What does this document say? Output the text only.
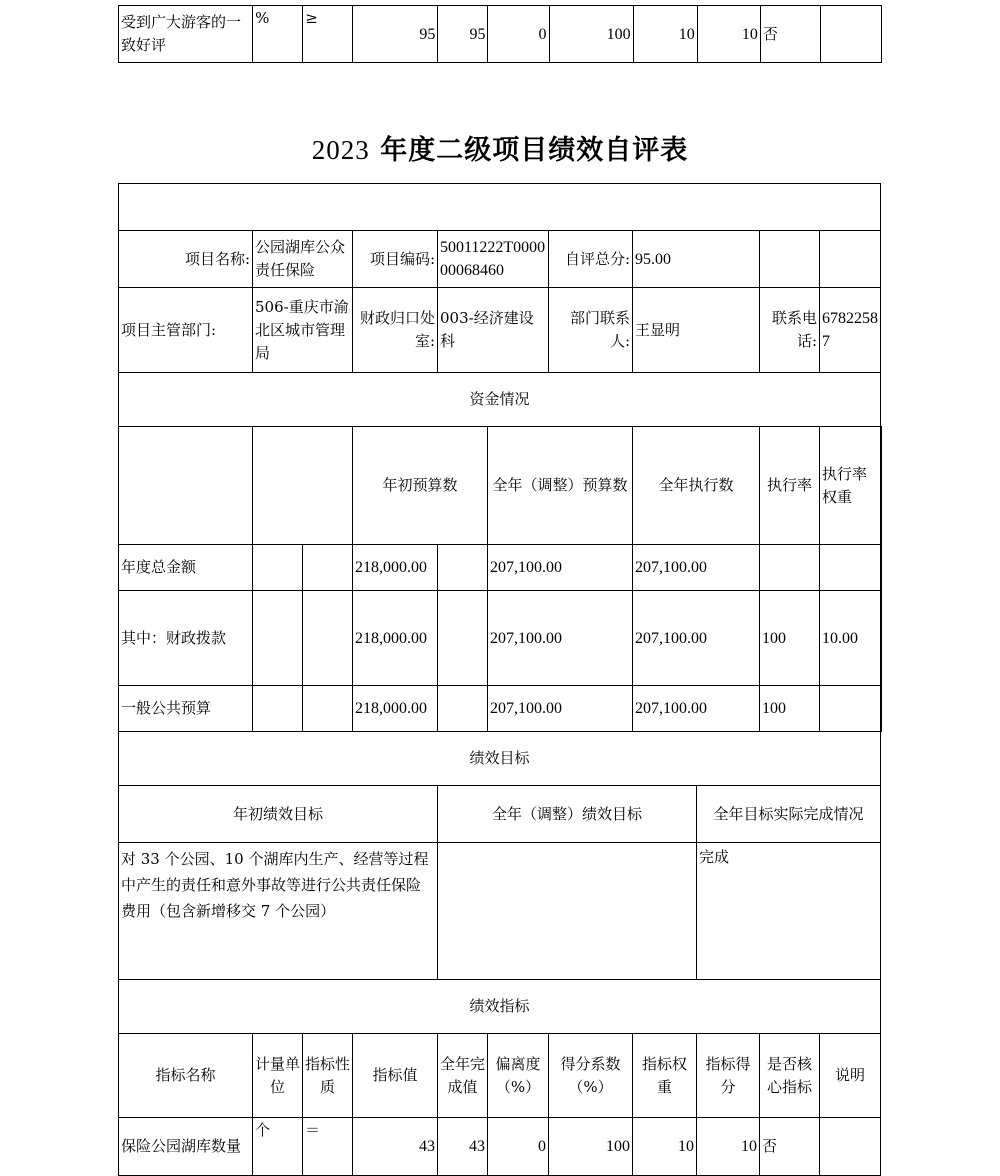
受到广大游客的一致好评	%	≥	95	95	0	100	10	10	否	
2023 年度二级项目绩效自评表

项目名称:	公园湖库公众责任保险		项目编码:	50011222T000000068460		自评总分:	95.00				
项目主管部门:	506-重庆市渝北区城市管理局		财政归口处室:	003-经济建设科		部门联系人:	王显明		联系电话:	67822587	
资金情况											
			年初预算数		全年（调整）预算数		全年执行数		执行率	执行率权重	
年度总金额			218,000.00		207,100.00		207,100.00				
其中：财政拨款			218,000.00		207,100.00		207,100.00		100	10.00	
一般公共预算			218,000.00		207,100.00		207,100.00		100		
绩效目标											
年初绩效目标				全年（调整）绩效目标				全年目标实际完成情况			
对 33 个公园、10 个湖库内生产、经营等过程中产生的责任和意外事故等进行公共责任保险费用（包含新增移交 7 个公园）								完成			
绩效指标											
指标名称	计量单位	指标性质	指标值	全年完成值	偏离度（%）	得分系数（%）	指标权重	指标得分	是否核心指标	说明	
保险公园湖库数量	个	＝	43	43	0	100	10	10	否		
